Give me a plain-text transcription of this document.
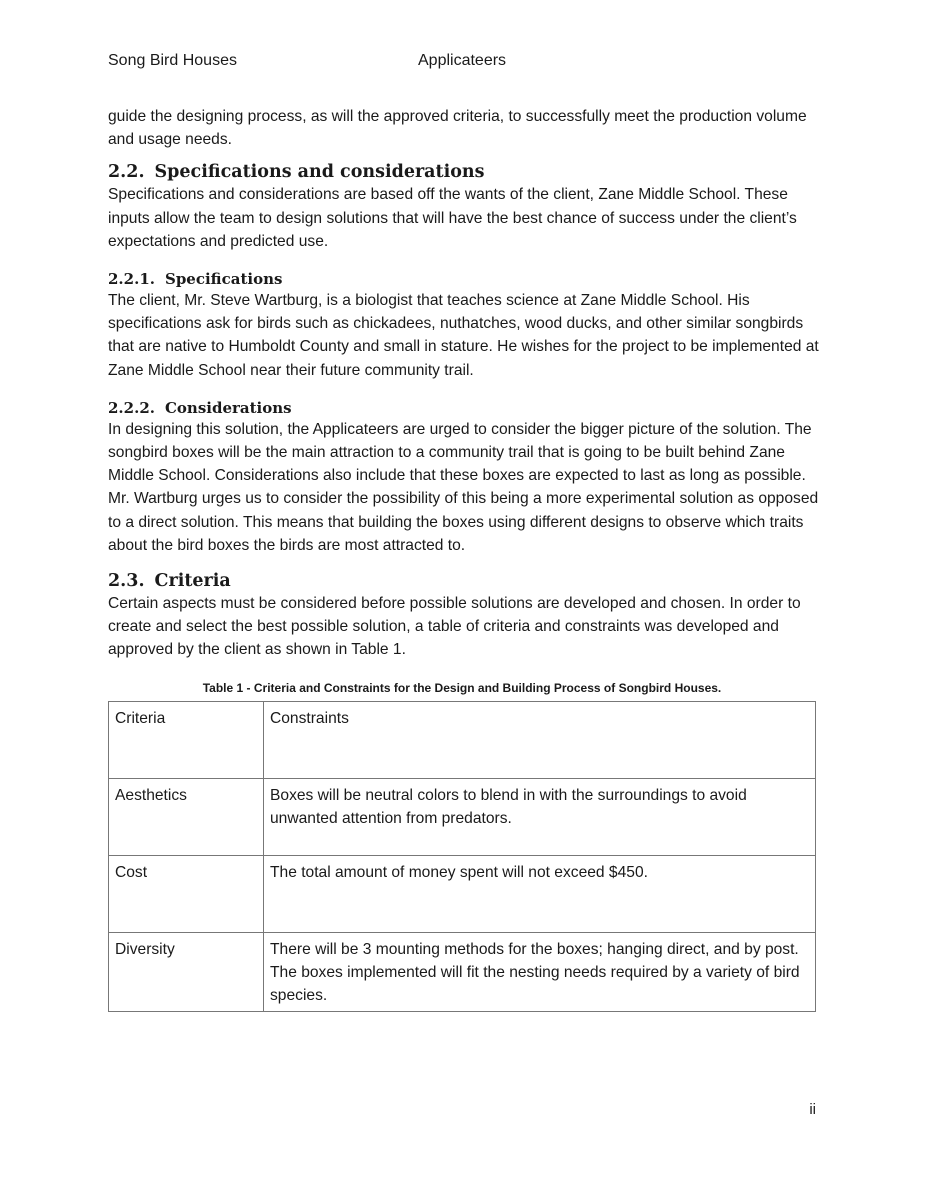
Song Bird Houses	Applicateers

guide the designing process, as will the approved criteria, to successfully meet the production volume and usage needs.

2.2. Specifications and considerations

Specifications and considerations are based off the wants of the client, Zane Middle School. These inputs allow the team to design solutions that will have the best chance of success under the client’s expectations and predicted use.

2.2.1. Specifications

The client, Mr. Steve Wartburg, is a biologist that teaches science at Zane Middle School. His specifications ask for birds such as chickadees, nuthatches, wood ducks, and other similar songbirds that are native to Humboldt County and small in stature. He wishes for the project to be implemented at Zane Middle School near their future community trail.

2.2.2. Considerations

In designing this solution, the Applicateers are urged to consider the bigger picture of the solution. The songbird boxes will be the main attraction to a community trail that is going to be built behind Zane Middle School. Considerations also include that these boxes are expected to last as long as possible. Mr. Wartburg urges us to consider the possibility of this being a more experimental solution as opposed to a direct solution. This means that building the boxes using different designs to observe which traits about the bird boxes the birds are most attracted to.

2.3. Criteria

Certain aspects must be considered before possible solutions are developed and chosen. In order to create and select the best possible solution, a table of criteria and constraints was developed and approved by the client as shown in Table 1.

Table 1 - Criteria and Constraints for the Design and Building Process of Songbird Houses.
Criteria	Constraints
Aesthetics	Boxes will be neutral colors to blend in with the surroundings to avoid unwanted attention from predators.
Cost	The total amount of money spent will not exceed $450.
Diversity	There will be 3 mounting methods for the boxes; hanging direct, and by post. The boxes implemented will fit the nesting needs required by a variety of bird species.
ii
